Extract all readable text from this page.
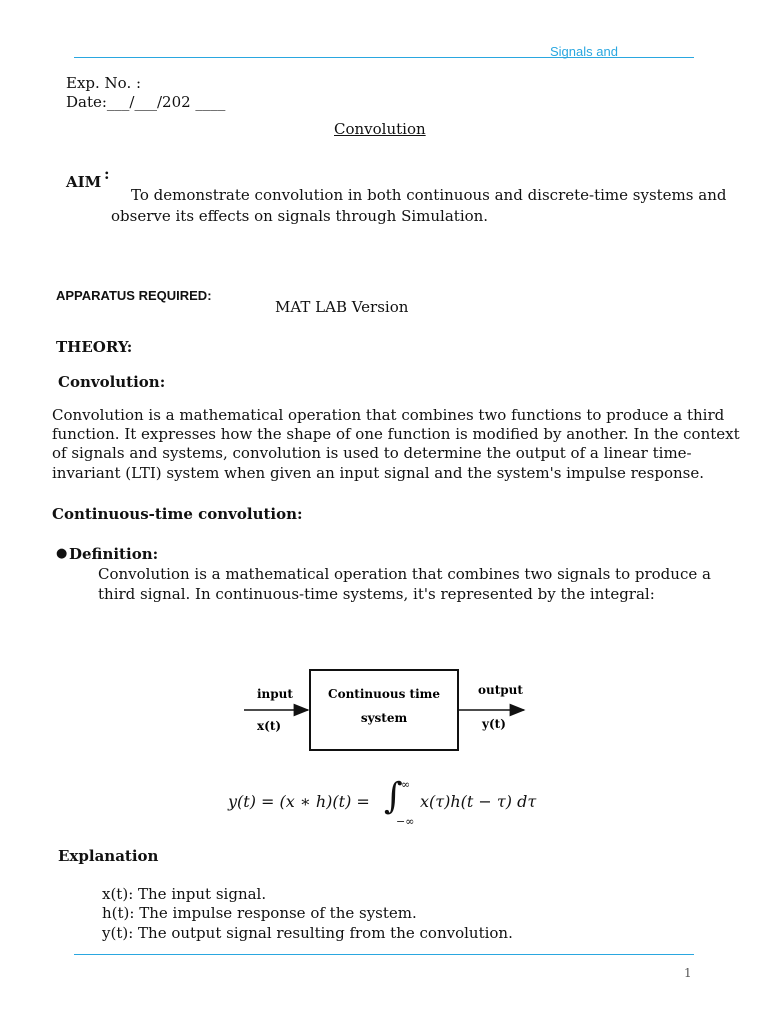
Signals and
Exp. No. :
Date:___/___/202 ____
Convolution
AIM :
To demonstrate convolution in both continuous and discrete-time systems and
observe its effects on signals through Simulation.
APPARATUS REQUIRED:
MAT LAB Version
THEORY:
Convolution:
Convolution is a mathematical operation that combines two functions to produce a third
function. It expresses how the shape of one function is modified by another. In the context
of signals and systems, convolution is used to determine the output of a linear time-
invariant (LTI) system when given an input signal and the system's impulse response.
Continuous-time convolution:
● Definition:
Convolution is a mathematical operation that combines two signals to produce a
third signal. In continuous-time systems, it's represented by the integral:
input
x(t)
Continuous time
system
output
y(t)
y(t) = (x ∗ h)(t) = ∫
∞
−∞
x(τ)h(t − τ) dτ
Explanation
x(t): The input signal.
h(t): The impulse response of the system.
y(t): The output signal resulting from the convolution.
1
